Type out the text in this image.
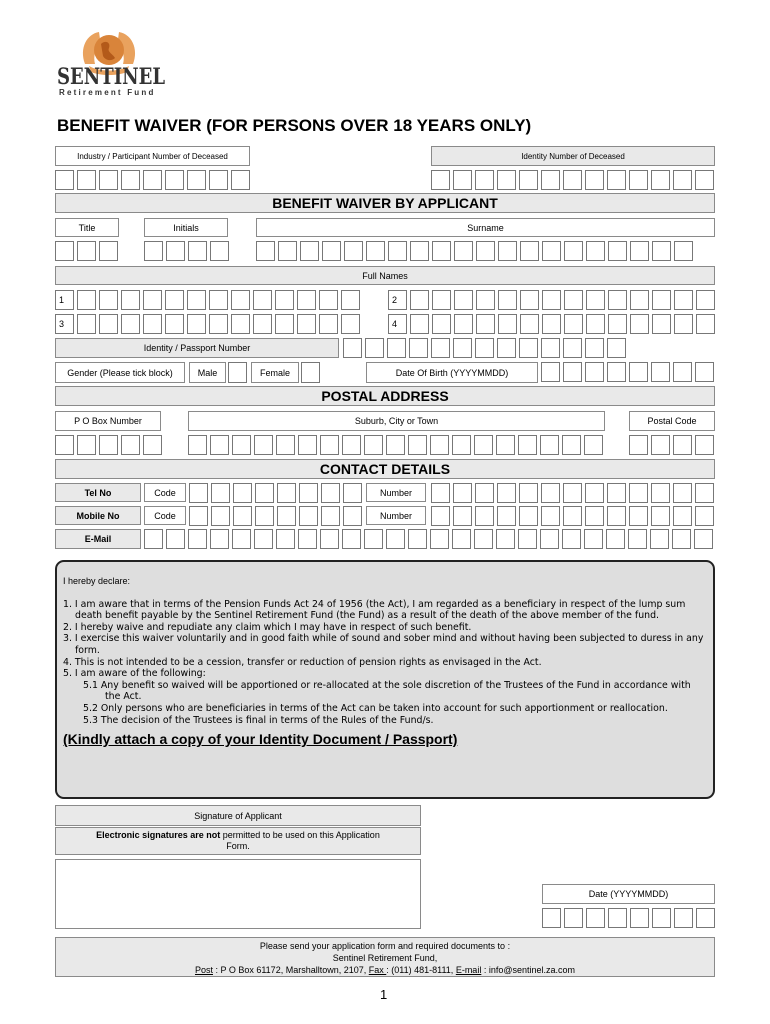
SENTINEL
Retirement Fund
BENEFIT WAIVER (FOR PERSONS OVER 18 YEARS ONLY)
Industry / Participant Number of Deceased	Identity Number of Deceased
BENEFIT WAIVER BY APPLICANT
Title	Initials	Surname
Full Names
1	2
3	4
Identity / Passport Number
Gender (Please tick block)	Male	Female	Date Of Birth (YYYYMMDD)
POSTAL ADDRESS
P O Box Number	Suburb, City or Town	Postal Code
CONTACT DETAILS
Tel No	Code	Number
Mobile No	Code	Number
E-Mail
I hereby declare:
1. I am aware that in terms of the Pension Funds Act 24 of 1956 (the Act), I am regarded as a beneficiary in respect of the lump sum death benefit payable by the Sentinel Retirement Fund (the Fund) as a result of the death of the above member of the fund.
2. I hereby waive and repudiate any claim which I may have in respect of such benefit.
3. I exercise this waiver voluntarily and in good faith while of sound and sober mind and without having been subjected to duress in any form.
4. This is not intended to be a cession, transfer or reduction of pension rights as envisaged in the Act.
5. I am aware of the following:
5.1 Any benefit so waived will be apportioned or re-allocated at the sole discretion of the Trustees of the Fund in accordance with the Act.
5.2 Only persons who are beneficiaries in terms of the Act can be taken into account for such apportionment or reallocation.
5.3 The decision of the Trustees is final in terms of the Rules of the Fund/s.
(Kindly attach a copy of your Identity Document / Passport)
Signature of Applicant
Electronic signatures are not permitted to be used on this Application Form.
Date (YYYYMMDD)
Please send your application form and required documents to :
Sentinel Retirement Fund,
Post : P O Box 61172, Marshalltown, 2107, Fax : (011) 481-8111, E-mail : info@sentinel.za.com
1
